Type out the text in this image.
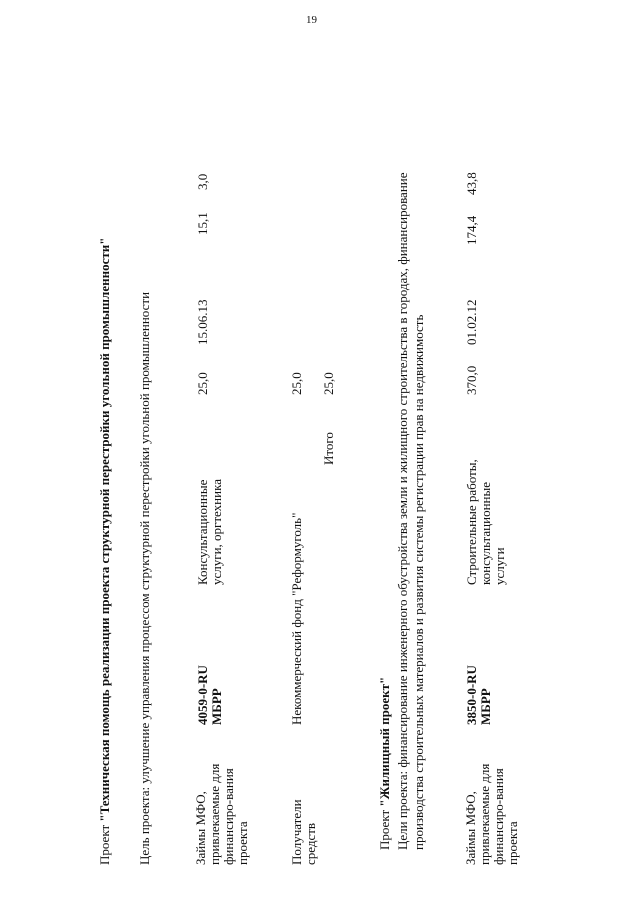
19
Проект "Техническая помощь реализации проекта структурной перестройки угольной промышленности" Цель проекта: улучшение управления процессом структурной перестройки угольной промышленности	Займы МФО, привлекаемые для финансиро-вания проекта
4059-0-RU МБРР
Консультационные услуги, оргтехника
25,0
15.06.13
15,1
3,0
Получатели средств
Некоммерческий фонд "Реформуголь"
25,0
Итого
25,0
Проект "Жилищный проект" Цели проекта: финансирование инженерного обустройства земли и жилищного строительства в городах, финансирование производства строительных материалов и развития системы регистрации прав на недвижимость	Займы МФО, привлекаемые для финансиро-вания проекта
3850-0-RU МБРР
Строительные работы, консультационные услуги
370,0
01.02.12
174,4
43,8
